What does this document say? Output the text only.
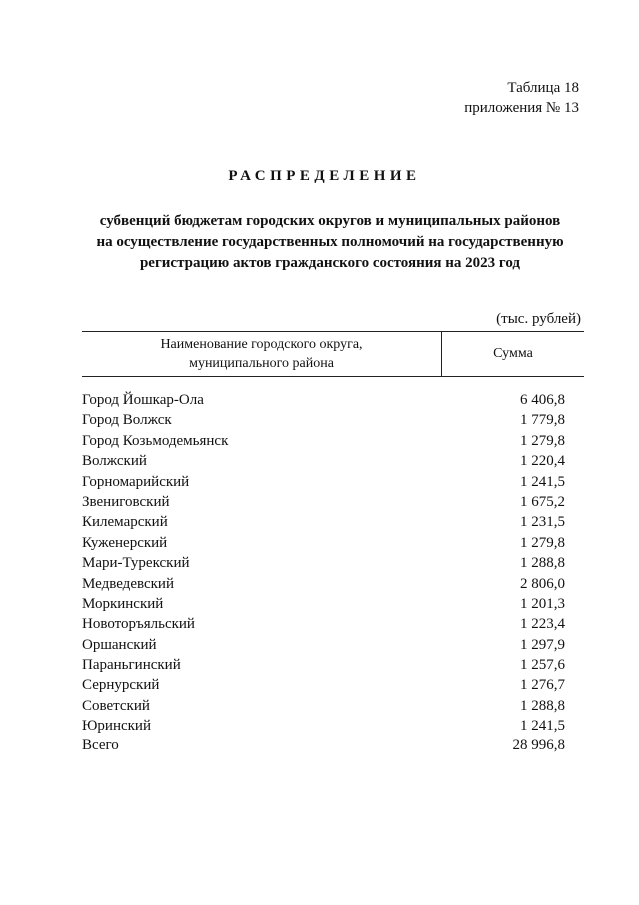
Таблица 18
приложения № 13
РАСПРЕДЕЛЕНИЕ
субвенций бюджетам городских округов и муниципальных районов
на осуществление государственных полномочий на государственную
регистрацию актов гражданского состояния на 2023 год
(тыс. рублей)
Наименование городского округа,
муниципального района
Сумма
Город Йошкар-Ола	6 406,8
Город Волжск	1 779,8
Город Козьмодемьянск	1 279,8
Волжский	1 220,4
Горномарийский	1 241,5
Звениговский	1 675,2
Килемарский	1 231,5
Куженерский	1 279,8
Мари-Турекский	1 288,8
Медведевский	2 806,0
Моркинский	1 201,3
Новоторъяльский	1 223,4
Оршанский	1 297,9
Параньгинский	1 257,6
Сернурский	1 276,7
Советский	1 288,8
Юринский	1 241,5
Всего	28 996,8
